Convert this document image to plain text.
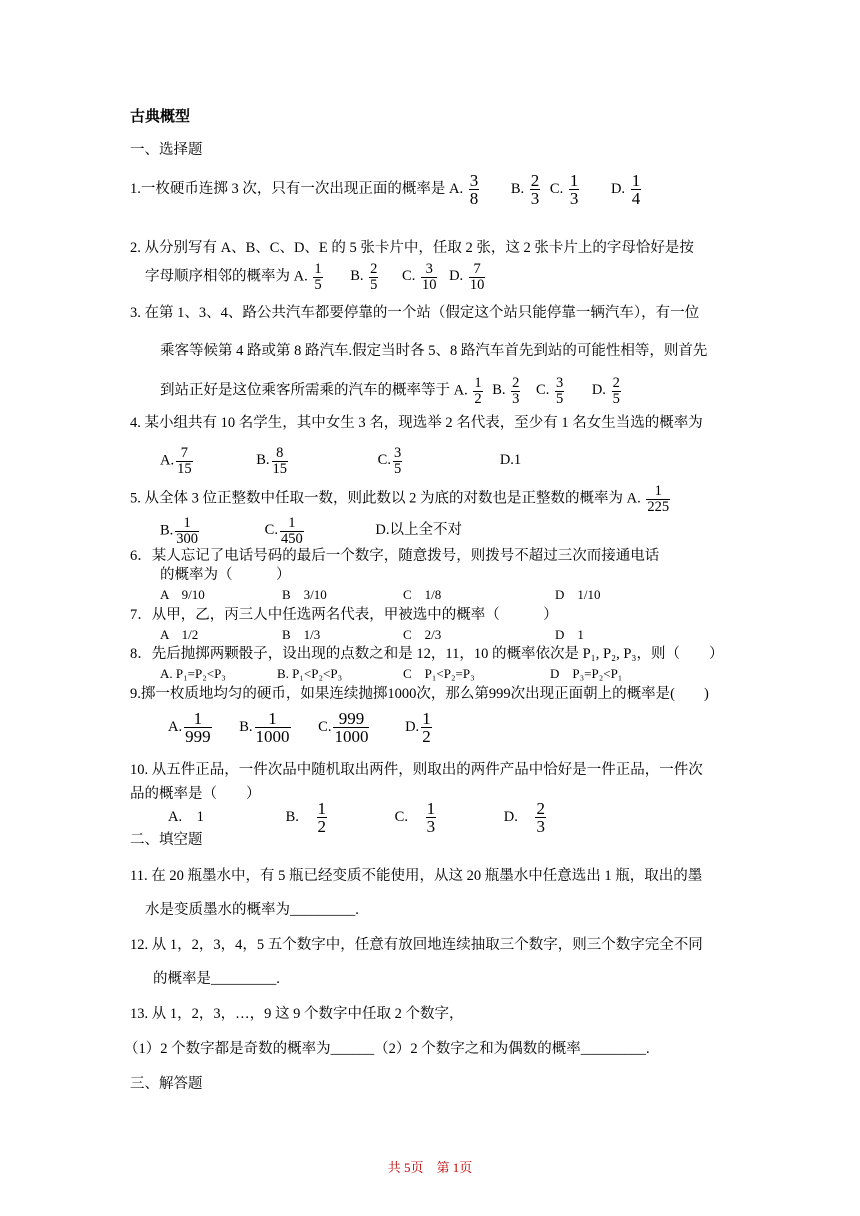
古典概型
一、选择题
1.一枚硬币连掷 3 次，只有一次出现正面的概率是 A. $\frac{3}{8} B$. $\frac{2}{3} C$. $\frac{1}{3} D$. $\frac{1}{4}$
2. 从分别写有 A、B、C、D、E 的 5 张卡片中，任取 2 张，这 2 张卡片上的字母恰好是按
字母顺序相邻的概率为 A. $\frac{1}{5} B$. $\frac{2}{5} C$. $\frac{3}{10} D$. $\frac{7}{10}$
3. 在第 1、3、4、路公共汽车都要停靠的一个站（假定这个站只能停靠一辆汽车），有一位
乘客等候第 4 路或第 8 路汽车.假定当时各 5、8 路汽车首先到站的可能性相等，则首先
到站正好是这位乘客所需乘的汽车的概率等于 A. $\frac{1}{2} B$. $\frac{2}{3} C$. $\frac{3}{5} D$. $\frac{2}{5}$
4. 某小组共有 10 名学生，其中女生 3 名，现选举 2 名代表，至少有 1 名女生当选的概率为
A. $\frac{7}{15}$	B. $\frac{8}{15}$	C. $\frac{3}{5}$	D.1
5. 从全体 3 位正整数中任取一数，则此数以 2 为底的对数也是正整数的概率为 A. $\frac{1}{225}$
B. $\frac{1}{300}$	C. $\frac{1}{450}$	D.以上全不对
6．某人忘记了电话号码的最后一个数字，随意拨号，则拨号不超过三次而接通电话
的概率为（　　　）
A　9/10	B　3/10	C　1/8	D　1/10
7．从甲，乙，丙三人中任选两名代表，甲被选中的概率（　　　）
A　1/2	B　1/3	C　2/3	D　1
8．先后抛掷两颗骰子，设出现的点数之和是 12，11，10 的概率依次是 P₁, P₂, P₃，则（　　）
A. P₁=P₂<P₃	B. P₁<P₂<P₃	C　P₁<P₂=P₃	D　P₃=P₂<P₁
9.掷一枚质地均匀的硬币，如果连续抛掷1000次，那么第999次出现正面朝上的概率是(　　)
A. $\frac{1}{999} B$. $\frac{1}{1000} C$. $\frac{999}{1000} D$. $\frac{1}{2}$
10. 从五件正品，一件次品中随机取出两件，则取出的两件产品中恰好是一件正品，一件次
品的概率是（　　）
A.　1	B. $\frac{1}{2}$	C. $\frac{1}{3}$	D. $\frac{2}{3}$
二、填空题
11. 在 20 瓶墨水中，有 5 瓶已经变质不能使用，从这 20 瓶墨水中任意选出 1 瓶，取出的墨
水是变质墨水的概率为_________.
12. 从 1，2，3，4，5 五个数字中，任意有放回地连续抽取三个数字，则三个数字完全不同
的概率是_________.
13. 从 1，2，3，…，9 这 9 个数字中任取 2 个数字，
（1）2 个数字都是奇数的概率为______（2）2 个数字之和为偶数的概率_________.
三、解答题
共 5页　第 1页
